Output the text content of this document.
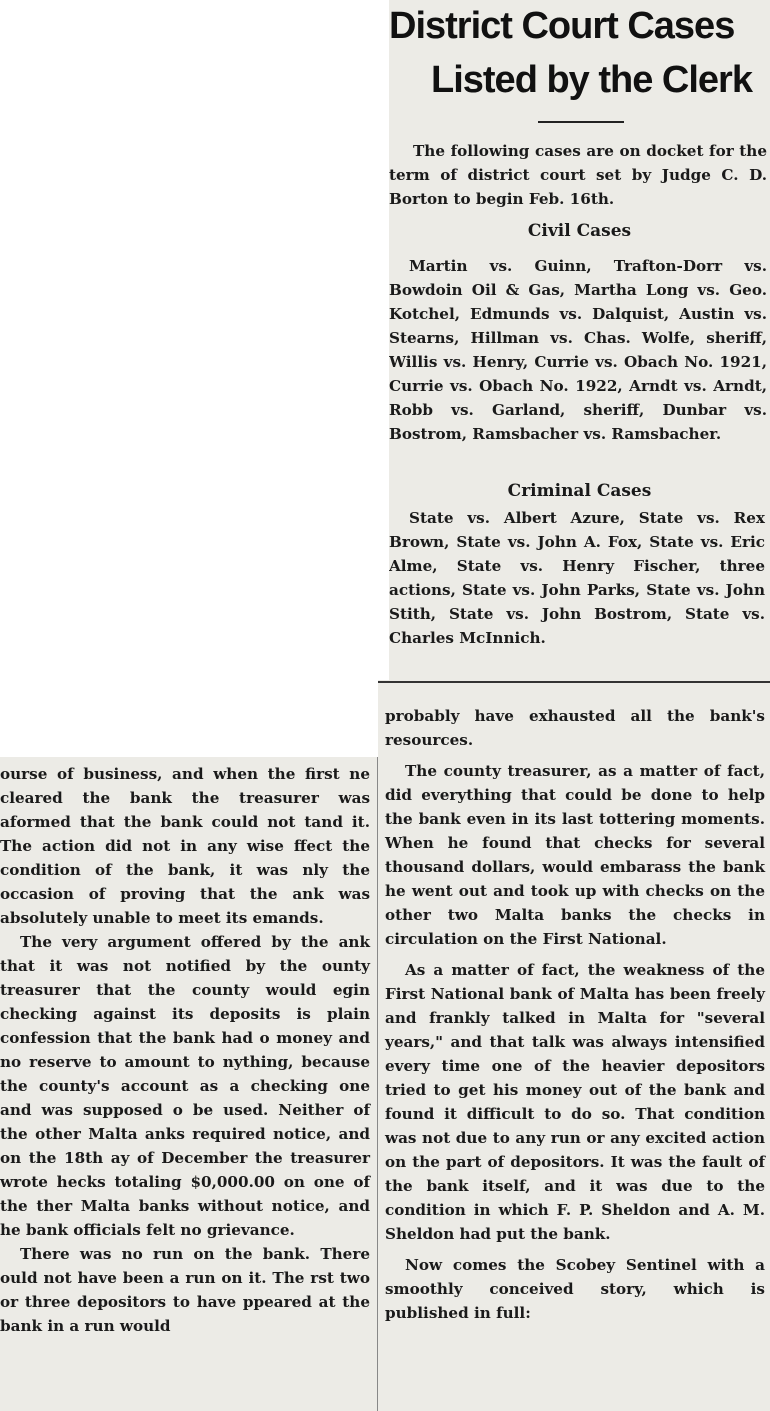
District Court Cases
Listed by the Clerk

The following cases are on docket for the term of district court set by Judge C. D. Borton to begin Feb. 16th.

Civil Cases

Martin vs. Guinn, Trafton-Dorr vs. Bowdoin Oil & Gas, Martha Long vs. Geo. Kotchel, Edmunds vs. Dalquist, Austin vs. Stearns, Hillman vs. Chas. Wolfe, sheriff, Willis vs. Henry, Currie vs. Obach No. 1921, Currie vs. Obach No. 1922, Arndt vs. Arndt, Robb vs. Garland, sheriff, Dunbar vs. Bostrom, Ramsbacher vs. Ramsbacher.

Criminal Cases

State vs. Albert Azure, State vs. Rex Brown, State vs. John A. Fox, State vs. Eric Alme, State vs. Henry Fischer, three actions, State vs. John Parks, State vs. John Stith, State vs. John Bostrom, State vs. Charles McInnich.

ourse of business, and when the first ne cleared the bank the treasurer was aformed that the bank could not tand it. The action did not in any wise ffect the condition of the bank, it was nly the occasion of proving that the ank was absolutely unable to meet its emands.

The very argument offered by the ank that it was not notified by the ounty treasurer that the county would egin checking against its deposits is plain confession that the bank had o money and no reserve to amount to nything, because the county's account as a checking one and was supposed o be used. Neither of the other Malta anks required notice, and on the 18th ay of December the treasurer wrote hecks totaling $0,000.00 on one of the ther Malta banks without notice, and he bank officials felt no grievance.

There was no run on the bank. There ould not have been a run on it. The rst two or three depositors to have ppeared at the bank in a run would

probably have exhausted all the bank's resources.

The county treasurer, as a matter of fact, did everything that could be done to help the bank even in its last tottering moments. When he found that checks for several thousand dollars, would embarass the bank he went out and took up with checks on the other two Malta banks the checks in circulation on the First National.

As a matter of fact, the weakness of the First National bank of Malta has been freely and frankly talked in Malta for "several years," and that talk was always intensified every time one of the heavier depositors tried to get his money out of the bank and found it difficult to do so. That condition was not due to any run or any excited action on the part of depositors. It was the fault of the bank itself, and it was due to the condition in which F. P. Sheldon and A. M. Sheldon had put the bank.

Now comes the Scobey Sentinel with a smoothly conceived story, which is published in full:
